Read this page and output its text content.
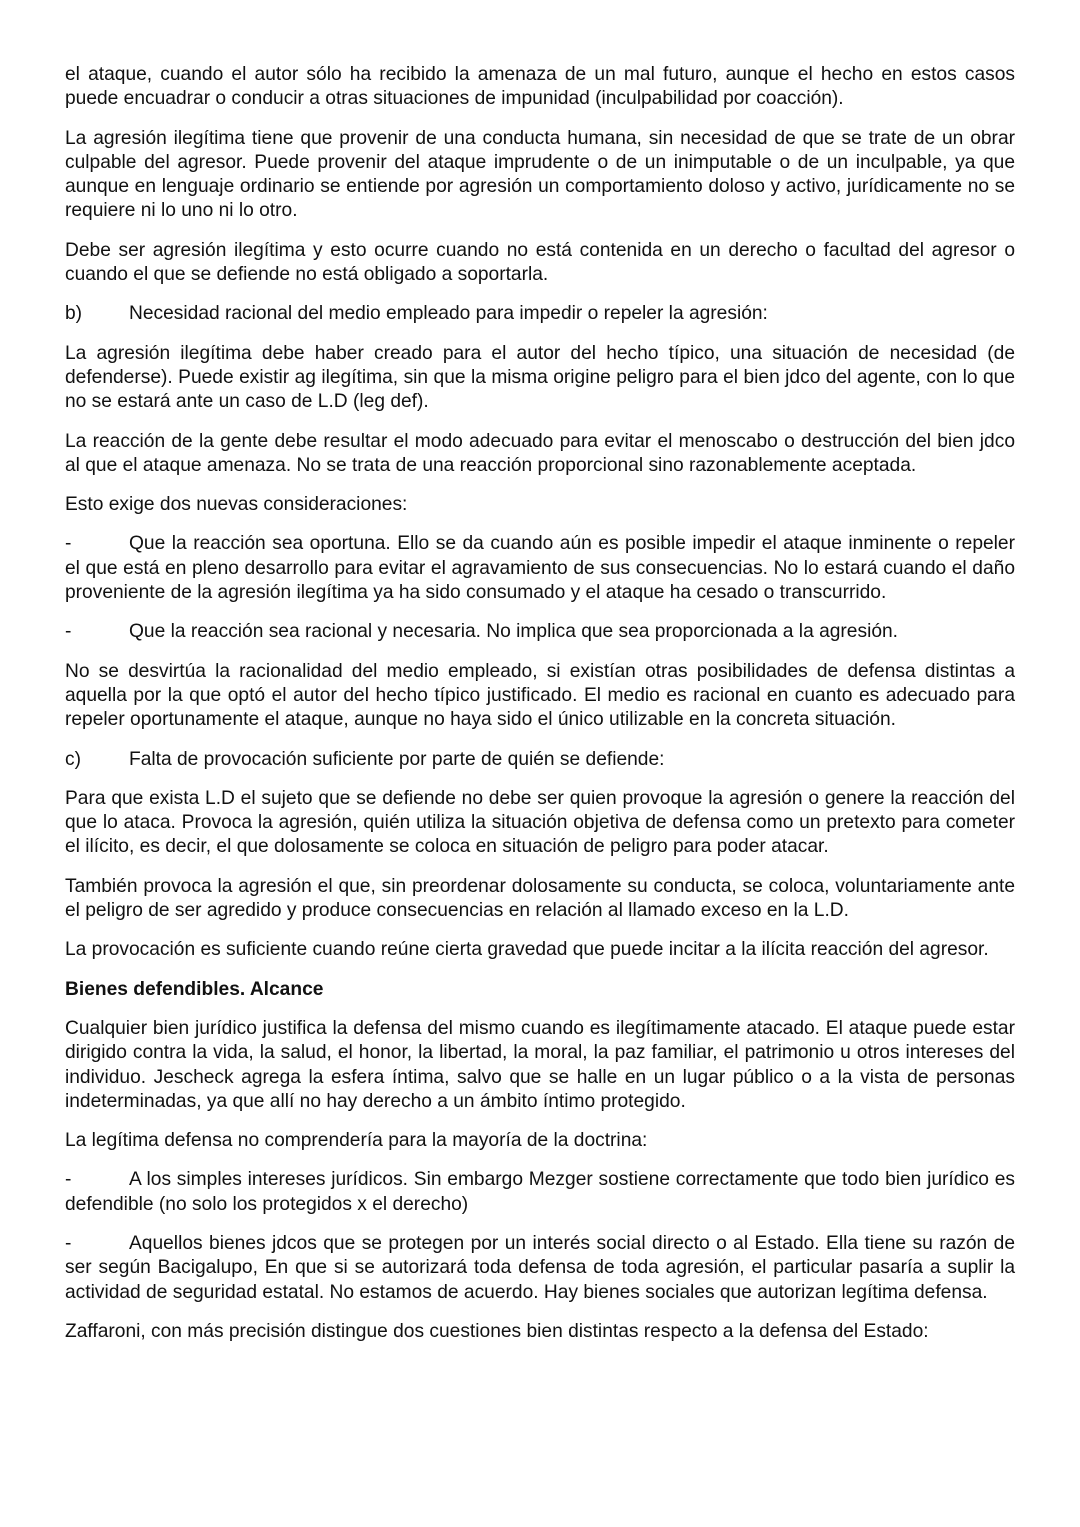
el ataque, cuando el autor sólo ha recibido la amenaza de un mal futuro, aunque el hecho en estos casos puede encuadrar o conducir a otras situaciones de impunidad (inculpabilidad por coacción).

La agresión ilegítima tiene que provenir de una conducta humana, sin necesidad de que se trate de un obrar culpable del agresor. Puede provenir del ataque imprudente o de un inimputable o de un inculpable, ya que aunque en lenguaje ordinario se entiende por agresión un comportamiento doloso y activo, jurídicamente no se requiere ni lo uno ni lo otro.

Debe ser agresión ilegítima y esto ocurre cuando no está contenida en un derecho o facultad del agresor o cuando el que se defiende no está obligado a soportarla.

b)	Necesidad racional del medio empleado para impedir o repeler la agresión:

La agresión ilegítima debe haber creado para el autor del hecho típico, una situación de necesidad (de defenderse). Puede existir ag ilegítima, sin que la misma origine peligro para el bien jdco del agente, con lo que no se estará ante un caso de L.D (leg def).

La reacción de la gente debe resultar el modo adecuado para evitar el menoscabo o destrucción del bien jdco al que el ataque amenaza. No se trata de una reacción proporcional sino razonablemente aceptada.

Esto exige dos nuevas consideraciones:

-	Que la reacción sea oportuna. Ello se da cuando aún es posible impedir el ataque inminente o repeler el que está en pleno desarrollo para evitar el agravamiento de sus consecuencias. No lo estará cuando el daño proveniente de la agresión ilegítima ya ha sido consumado y el ataque ha cesado o transcurrido.

-	Que la reacción sea racional y necesaria. No implica que sea proporcionada a la agresión.

No se desvirtúa la racionalidad del medio empleado, si existían otras posibilidades de defensa distintas a aquella por la que optó el autor del hecho típico justificado. El medio es racional en cuanto es adecuado para repeler oportunamente el ataque, aunque no haya sido el único utilizable en la concreta situación.

c)	Falta de provocación suficiente por parte de quién se defiende:

Para que exista L.D el sujeto que se defiende no debe ser quien provoque la agresión o genere la reacción del que lo ataca. Provoca la agresión, quién utiliza la situación objetiva de defensa como un pretexto para cometer el ilícito, es decir, el que dolosamente se coloca en situación de peligro para poder atacar.

También provoca la agresión el que, sin preordenar dolosamente su conducta, se coloca, voluntariamente ante el peligro de ser agredido y produce consecuencias en relación al llamado exceso en la L.D.

La provocación es suficiente cuando reúne cierta gravedad que puede incitar a la ilícita reacción del agresor.

Bienes defendibles. Alcance

Cualquier bien jurídico justifica la defensa del mismo cuando es ilegítimamente atacado. El ataque puede estar dirigido contra la vida, la salud, el honor, la libertad, la moral, la paz familiar, el patrimonio u otros intereses del individuo. Jescheck agrega la esfera íntima, salvo que se halle en un lugar público o a la vista de personas indeterminadas, ya que allí no hay derecho a un ámbito íntimo protegido.

La legítima defensa no comprendería para la mayoría de la doctrina:

-	A los simples intereses jurídicos. Sin embargo Mezger sostiene correctamente que todo bien jurídico es defendible (no solo los protegidos x el derecho)

-	Aquellos bienes jdcos que se protegen por un interés social directo o al Estado. Ella tiene su razón de ser según Bacigalupo, En que si se autorizará toda defensa de toda agresión, el particular pasaría a suplir la actividad de seguridad estatal. No estamos de acuerdo. Hay bienes sociales que autorizan legítima defensa.

Zaffaroni, con más precisión distingue dos cuestiones bien distintas respecto a la defensa del Estado:
